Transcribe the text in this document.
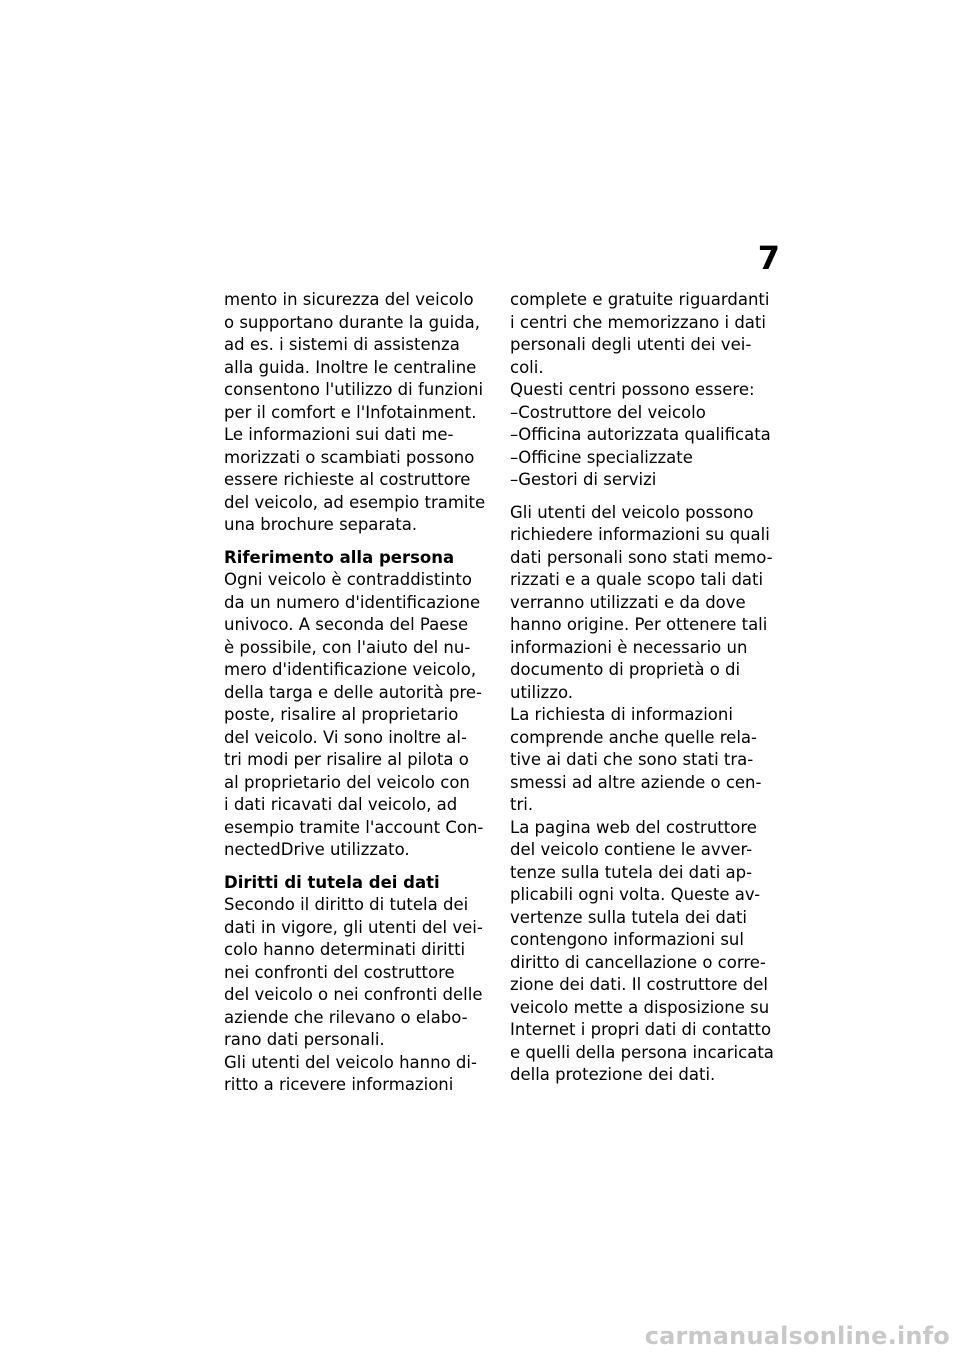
7
mento in sicurezza del veicolo
o supportano durante la guida,
ad es. i sistemi di assistenza
alla guida. Inoltre le centraline
consentono l'utilizzo di funzioni
per il comfort e l'Infotainment.
Le informazioni sui dati me-
morizzati o scambiati possono
essere richieste al costruttore
del veicolo, ad esempio tramite
una brochure separata.
Riferimento alla persona
Ogni veicolo è contraddistinto
da un numero d'identificazione
univoco. A seconda del Paese
è possibile, con l'aiuto del nu-
mero d'identificazione veicolo,
della targa e delle autorità pre-
poste, risalire al proprietario
del veicolo. Vi sono inoltre al-
tri modi per risalire al pilota o
al proprietario del veicolo con
i dati ricavati dal veicolo, ad
esempio tramite l'account Con-
nectedDrive utilizzato.
Diritti di tutela dei dati
Secondo il diritto di tutela dei
dati in vigore, gli utenti del vei-
colo hanno determinati diritti
nei confronti del costruttore
del veicolo o nei confronti delle
aziende che rilevano o elabo-
rano dati personali.
Gli utenti del veicolo hanno di-
ritto a ricevere informazioni
complete e gratuite riguardanti
i centri che memorizzano i dati
personali degli utenti dei vei-
coli.
Questi centri possono essere:
–Costruttore del veicolo
–Officina autorizzata qualificata
–Officine specializzate
–Gestori di servizi
Gli utenti del veicolo possono
richiedere informazioni su quali
dati personali sono stati memo-
rizzati e a quale scopo tali dati
verranno utilizzati e da dove
hanno origine. Per ottenere tali
informazioni è necessario un
documento di proprietà o di
utilizzo.
La richiesta di informazioni
comprende anche quelle rela-
tive ai dati che sono stati tra-
smessi ad altre aziende o cen-
tri.
La pagina web del costruttore
del veicolo contiene le avver-
tenze sulla tutela dei dati ap-
plicabili ogni volta. Queste av-
vertenze sulla tutela dei dati
contengono informazioni sul
diritto di cancellazione o corre-
zione dei dati. Il costruttore del
veicolo mette a disposizione su
Internet i propri dati di contatto
e quelli della persona incaricata
della protezione dei dati.
carmanualsonline.info
